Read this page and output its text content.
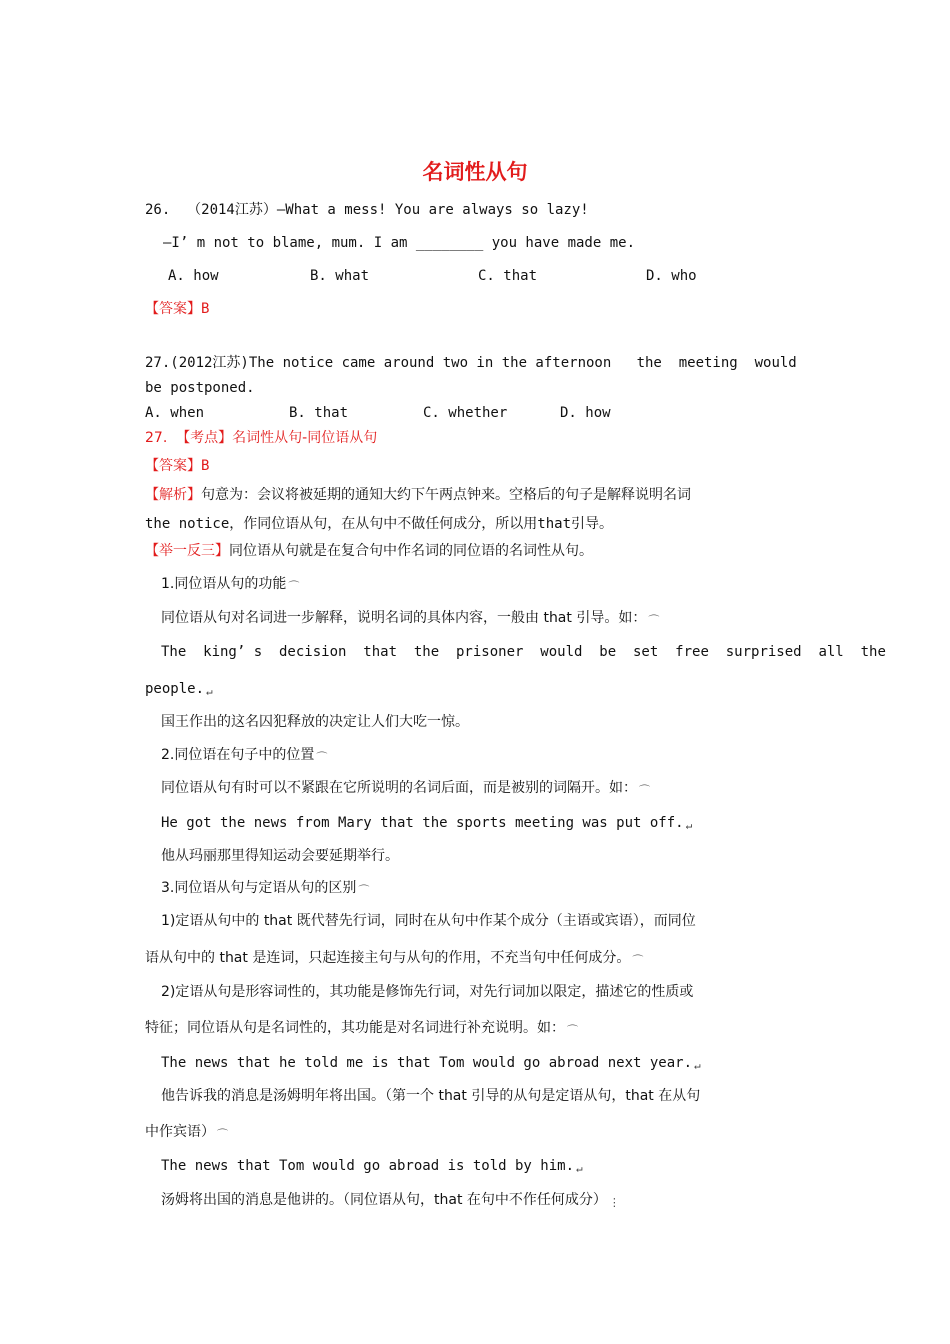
名词性从句
26.  （2014江苏）—What a mess! You are always so lazy!
—I’ m not to blame, mum. I am ________ you have made me.
A. how	B. what	C. that	D. who
【答案】B
27.(2012江苏)The notice came around two in the afternoon   the  meeting  would
be postponed.
A. when	B. that	C. whether	D. how
27.  【考点】名词性从句-同位语从句
【答案】B
【解析】句意为：会议将被延期的通知大约下午两点钟来。空格后的句子是解释说明名词
the notice，作同位语从句，在从句中不做任何成分，所以用that引导。
【举一反三】同位语从句就是在复合句中作名词的同位语的名词性从句。
1.同位语从句的功能 ⌒
同位语从句对名词进一步解释，说明名词的具体内容，一般由 that 引导。如： ⌒
The  king’ s  decision  that  the  prisoner  would  be  set  free  surprised  all  the
people. ↵
国王作出的这名囚犯释放的决定让人们大吃一惊。
2.同位语在句子中的位置 ⌒
同位语从句有时可以不紧跟在它所说明的名词后面，而是被别的词隔开。如： ⌒
He got the news from Mary that the sports meeting was put off. ↵
他从玛丽那里得知运动会要延期举行。
3.同位语从句与定语从句的区别 ⌒
1)定语从句中的 that 既代替先行词，同时在从句中作某个成分（主语或宾语），而同位
语从句中的 that 是连词，只起连接主句与从句的作用，不充当句中任何成分。 ⌒
2)定语从句是形容词性的，其功能是修饰先行词，对先行词加以限定，描述它的性质或
特征；同位语从句是名词性的，其功能是对名词进行补充说明。如： ⌒
The news that he told me is that Tom would go abroad next year. ↵
他告诉我的消息是汤姆明年将出国。（第一个 that 引导的从句是定语从句，that 在从句
中作宾语） ⌒
The news that Tom would go abroad is told by him. ↵
汤姆将出国的消息是他讲的。（同位语从句，that 在句中不作任何成分） ⋮
